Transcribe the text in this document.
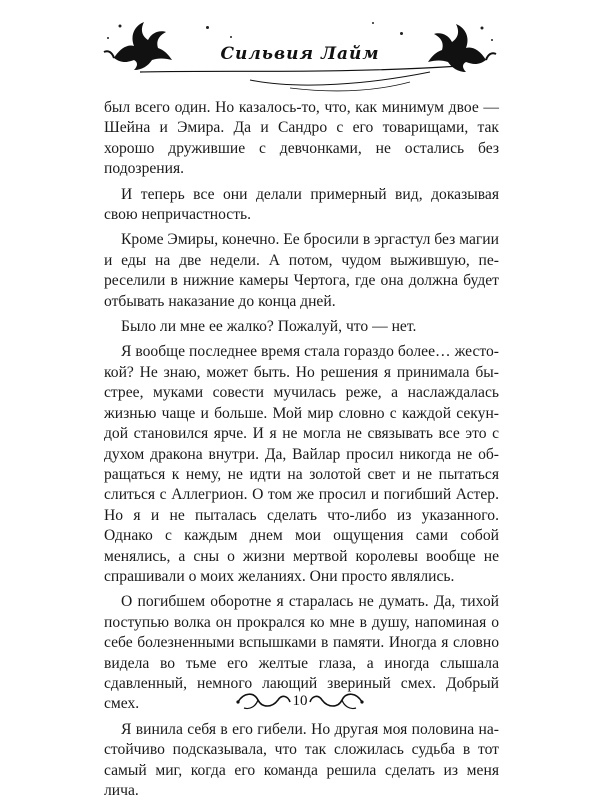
Сильвия Лайм

был всего один. Но казалось-то, что, как минимум двое — Шейна и Эмира. Да и Сандро с его товарищами, так хорошо дружившие с девчонками, не остались без подозрения.

И теперь все они делали примерный вид, доказывая свою непричастность.

Кроме Эмиры, конечно. Ее бросили в эргастул без магии и еды на две недели. А потом, чудом выжившую, переселили в нижние камеры Чертога, где она должна будет отбывать наказание до конца дней.

Было ли мне ее жалко? Пожалуй, что — нет.

Я вообще последнее время стала гораздо более… жестокой? Не знаю, может быть. Но решения я принимала быстрее, муками совести мучилась реже, а наслаждалась жизнью чаще и больше. Мой мир словно с каждой секундой становился ярче. И я не могла не связывать все это с духом дракона внутри. Да, Вайлар просил никогда не обращаться к нему, не идти на золотой свет и не пытаться слиться с Аллегрион. О том же просил и погибший Астер. Но я и не пыталась сделать что-либо из указанного. Однако с каждым днем мои ощущения сами собой менялись, а сны о жизни мертвой королевы вообще не спрашивали о моих желаниях. Они просто являлись.

О погибшем оборотне я старалась не думать. Да, тихой поступью волка он прокрался ко мне в душу, напоминая о себе болезненными вспышками в памяти. Иногда я словно видела во тьме его желтые глаза, а иногда слышала сдавленный, немного лающий звериный смех. Добрый смех.

Я винила себя в его гибели. Но другая моя половина настойчиво подсказывала, что так сложилась судьба в тот самый миг, когда его команда решила сделать из меня лича.

10
